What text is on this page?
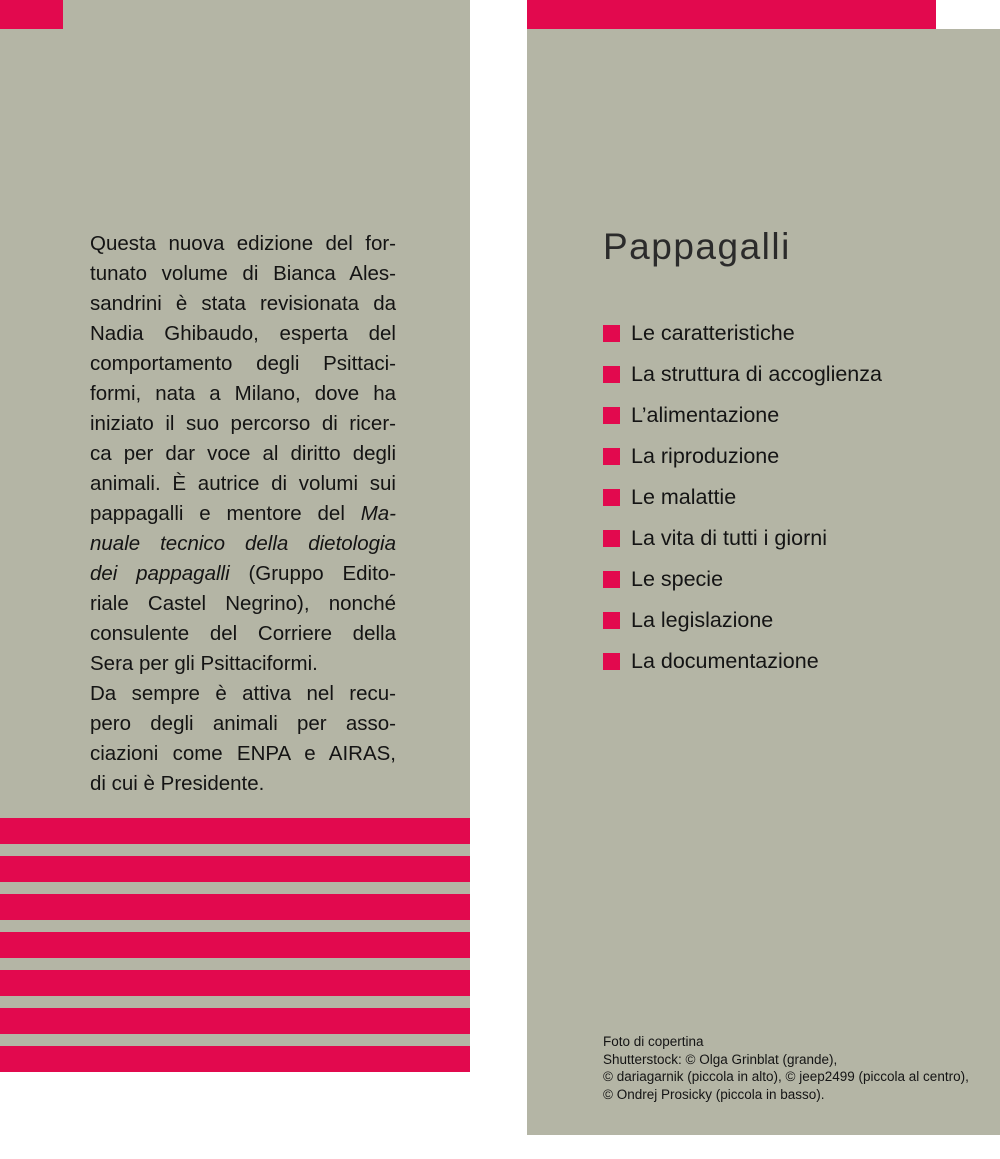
Questa nuova edizione del for-
tunato volume di Bianca Ales-
sandrini è stata revisionata da
Nadia Ghibaudo, esperta del
comportamento degli Psittaci-
formi, nata a Milano, dove ha
iniziato il suo percorso di ricer-
ca per dar voce al diritto degli
animali. È autrice di volumi sui
pappagalli e mentore del Ma-
nuale tecnico della dietologia
dei pappagalli (Gruppo Edito-
riale Castel Negrino), nonché
consulente del Corriere della
Sera per gli Psittaciformi.
Da sempre è attiva nel recu-
pero degli animali per asso-
ciazioni come ENPA e AIRAS,
di cui è Presidente.
Pappagalli
Le caratteristiche
La struttura di accoglienza
L’alimentazione
La riproduzione
Le malattie
La vita di tutti i giorni
Le specie
La legislazione
La documentazione
Foto di copertina
Shutterstock: © Olga Grinblat (grande),
© dariagarnik (piccola in alto), © jeep2499 (piccola al centro),
© Ondrej Prosicky (piccola in basso).
